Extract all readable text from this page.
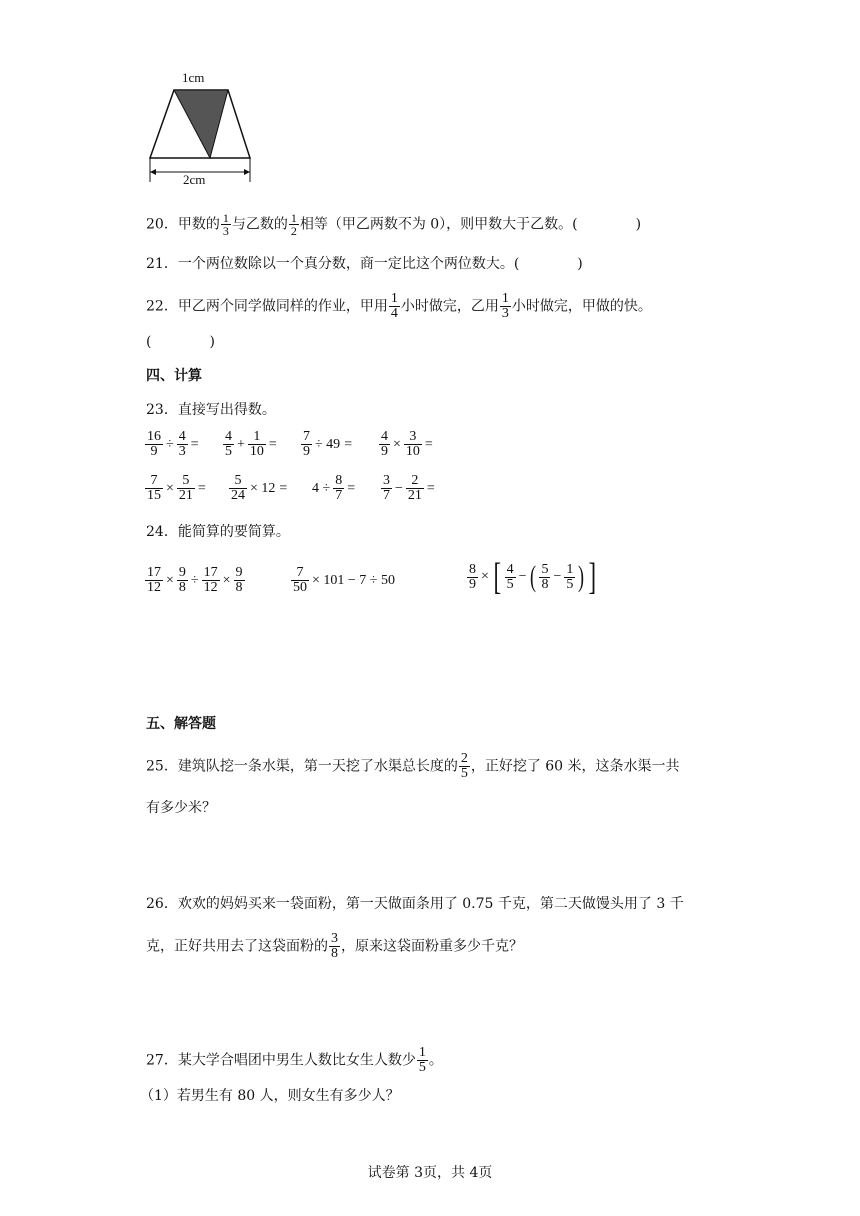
1cm
2cm
20．甲数的 $\frac{1}{3}$ 与乙数的 $\frac{1}{2}$ 相等（甲乙两数不为 0），则甲数大于乙数。(	)
21．一个两位数除以一个真分数，商一定比这个两位数大。(	)
22．甲乙两个同学做同样的作业，甲用 $\frac{1}{4}$ 小时做完，乙用 $\frac{1}{3}$ 小时做完，甲做的快。
(	)
四、计算
23．直接写出得数。
$\frac{16}{9} \div \frac{4}{3} = \frac{4}{5} + \frac{1}{10} = \frac{7}{9} \div 49 = \frac{4}{9} \times \frac{3}{10}$ =
$\frac{7}{15} \times \frac{5}{21} = \frac{5}{24} \times 12 = 4 \div \frac{8}{7} = \frac{3}{7} - \frac{2}{21}$ =
24．能简算的要简算。
$\frac{17}{12} \times \frac{9}{8} \div \frac{17}{12} \times \frac{9}{8}$	$\frac{7}{50} \times 101 - 7 \div 50$	$\frac{8}{9}$ × [ $\frac{4}{5}$ − ( $\frac{5}{8} - \frac{1}{5}$ ) ]
五、解答题
25．建筑队挖一条水渠，第一天挖了水渠总长度的 $\frac{2}{5}$ ，正好挖了 60 米，这条水渠一共
有多少米？
26．欢欢的妈妈买来一袋面粉，第一天做面条用了 0.75 千克，第二天做馒头用了 3 千
克，正好共用去了这袋面粉的 $\frac{3}{8}$ ，原来这袋面粉重多少千克？
27．某大学合唱团中男生人数比女生人数少 $\frac{1}{5}$ 。
（1）若男生有 80 人，则女生有多少人？
试卷第 3页，共 4页
